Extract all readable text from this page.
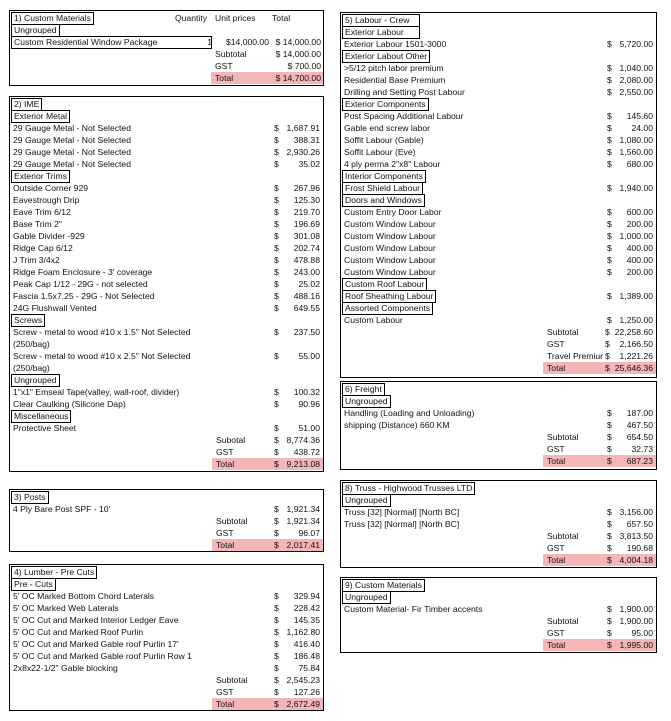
1) Custom Materials	Quantity Unit prices Total
Ungrouped
Custom Residential Window Package	1	$14,000.00 $ 14,000.00
Subtotal	$ 14,000.00
GST	$ 700.00
Total	$ 14,700.00
2) IME
Exterior Metal
29 Gauge Metal - Not Selected	$ 1,687.91
29 Gauge Metal - Not Selected	$	388.31
29 Gauge Metal - Not Selected	$ 2,930.26
29 Gauge Metal - Not Selected	$	35.02
Exterior Trims
Outside Corner 929	$	267.96
Eavestrough Drip	$	125.30
Eave Trim 6/12	$	219.70
Base Trim 2"	$	196.69
Gable Divider -929	$	301.08
Ridge Cap 6/12	$	202.74
J Trim 3/4x2	$	478.88
Ridge Foam Enclosure - 3' coverage	$	243.00
Peak Cap 1/12 - 29G - not selected	$	25.02
Fascia 1.5x7.25 - 29G - Not Selected	$	488.16
24G Flushwall Vented	$	649.55
Screws
Screw - metal to wood #10 x 1.5" Not Selected	$	237.50
(250/bag)
Screw - metal to wood #10 x 2.5" Not Selected	$	55.00
(250/bag)
Ungrouped
1"x1" Emseal Tape(valley, wall-roof, divider)	$	100.32
Clear Caulking (Silicone Dap)	$	90.96
Miscellaneous
Protective Sheet	$	51.00
Subotal	$ 8,774.36
GST	$	438.72
Total	$ 9,213.08
3) Posts
4 Ply Bare Post SPF - 10'	$ 1,921.34
Subtotal	$ 1,921.34
GST	$	96.07
Total	$ 2,017.41
4) Lumber - Pre Cuts
Pre - Cuts
5' OC Marked Bottom Chord Laterals	$	329.94
5' OC Marked Web Laterals	$	228.42
5' OC Cut and Marked Interior Ledger Eave	$	145.35
5' OC Cut and Marked Roof Purlin	$ 1,162.80
5' OC Cut and Marked Gable roof Purlin 17'	$	416.40
5' OC Cut and Marked Gable roof Purlin Row 1	$	186.48
2x8x22-1/2" Gable blocking	$	75.84
Subtotal	$ 2,545.23
GST	$	127.26
Total	$ 2,672.49
5) Labour - Crew
Exterior Labour
Exterior Labour 1501-3000	$ 5,720.00
Exterior Labout Other
>5/12 pitch labor premium	$ 1,040.00
Residential Base Premium	$ 2,080.00
Drilling and Setting Post Labour	$ 2,550.00
Exterior Components
Post Spacing Additional Labour	$	145.60
Gable end screw labor	$	24.00
Soffit Labour (Gable)	$ 1,080.00
Soffit Labour (Eve)	$ 1,560.00
4 ply perma 2"x8" Labour	$	680.00
Interior Components
Frost Shield Labour	$ 1,940.00
Doors and Windows
Custom Entry Door Labor	$	600.00
Custom Window Labour	$	200.00
Custom Window Labour	$ 1,000.00
Custom Window Labour	$	400.00
Custom Window Labour	$	400.00
Custom Window Labour	$	200.00
Custom Roof Labour
Roof Sheathing Labour	$ 1,389.00
Assorted Components
Custom Labour	$ 1,250.00
Subtotal	$ 22,258.60
GST	$	2,166.50
Travel Premiur $	1,221.26
Total	$ 25,646.36
6) Freight
Ungrouped
Handling (Loading and Unloading)	$	187.00
shipping (Distance) 660 KM	$	467.50
Subtotal	$	654.50
GST	$	32.73
Total	$	687.23
8) Truss - Highwood Trusses LTD
Ungrouped
Truss [32] [Normal] [North BC]	$ 3,156.00
Truss [32] [Normal] [North BC]	$	657.50
Subtotal	$ 3,813.50
GST	$	190.68
Total	$ 4,004.18
9) Custom Materials
Ungrouped
Custom Material- Fir Timber accents	$ 1,900.00
Subtotal	$ 1,900.00
GST	$	95.00
Total	$ 1,995.00
